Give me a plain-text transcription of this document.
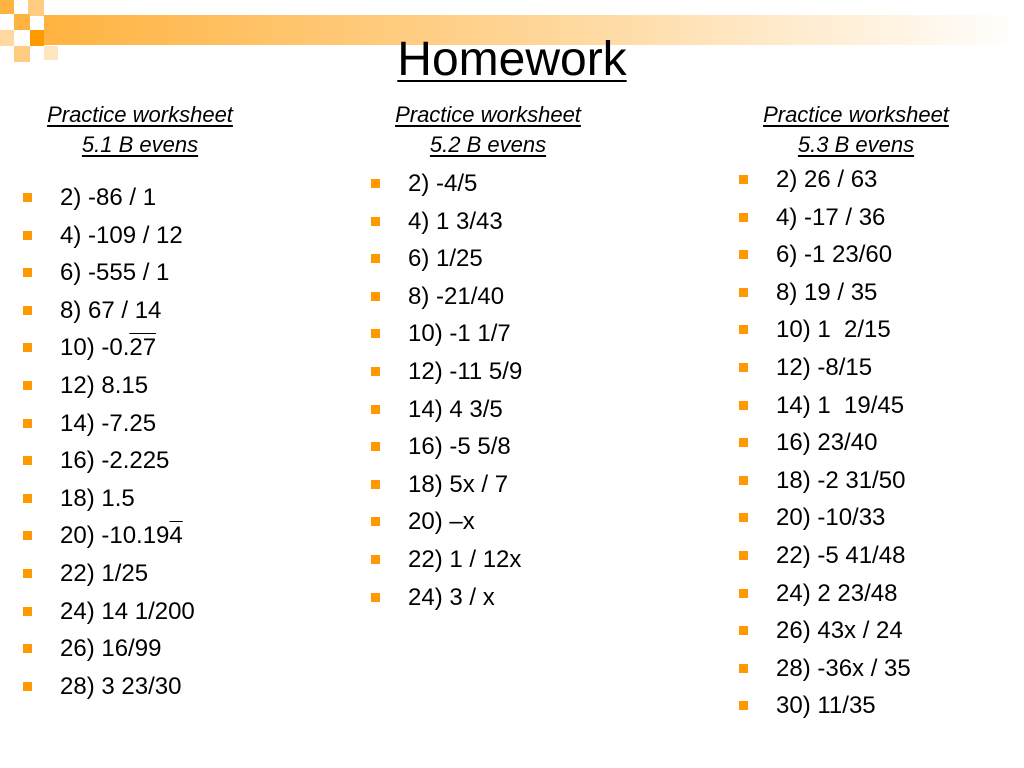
Homework
Practice worksheet
5.1 B evens
2) -86 / 1
4) -109 / 12
6) -555 / 1
8) 67 / 14
10) -0.27
12) 8.15
14) -7.25
16) -2.225
18) 1.5
20) -10.194
22) 1/25
24) 14 1/200
26) 16/99
28) 3 23/30
Practice worksheet
5.2 B evens
2) -4/5
4) 1 3/43
6) 1/25
8) -21/40
10) -1 1/7
12) -11 5/9
14) 4 3/5
16) -5 5/8
18) 5x / 7
20) –x
22) 1 / 12x
24) 3 / x
Practice worksheet
5.3 B evens
2) 26 / 63
4) -17 / 36
6) -1 23/60
8) 19 / 35
10) 1  2/15
12) -8/15
14) 1  19/45
16) 23/40
18) -2 31/50
20) -10/33
22) -5 41/48
24) 2 23/48
26) 43x / 24
28) -36x / 35
30) 11/35
